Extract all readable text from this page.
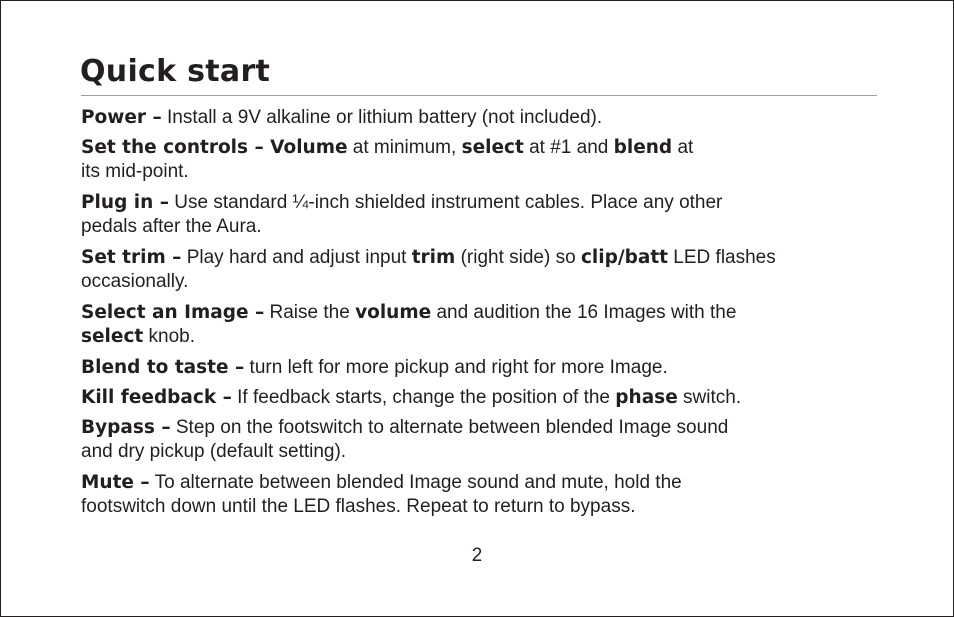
Quick start

Power – Install a 9V alkaline or lithium battery (not included).

Set the controls – Volume at minimum, select at #1 and blend at
its mid-point.

Plug in – Use standard ¼-inch shielded instrument cables. Place any other
pedals after the Aura.

Set trim – Play hard and adjust input trim (right side) so clip/batt LED flashes
occasionally.

Select an Image – Raise the volume and audition the 16 Images with the
select knob.

Blend to taste – turn left for more pickup and right for more Image.

Kill feedback – If feedback starts, change the position of the phase switch.

Bypass – Step on the footswitch to alternate between blended Image sound
and dry pickup (default setting).

Mute – To alternate between blended Image sound and mute, hold the
footswitch down until the LED flashes. Repeat to return to bypass.

2
